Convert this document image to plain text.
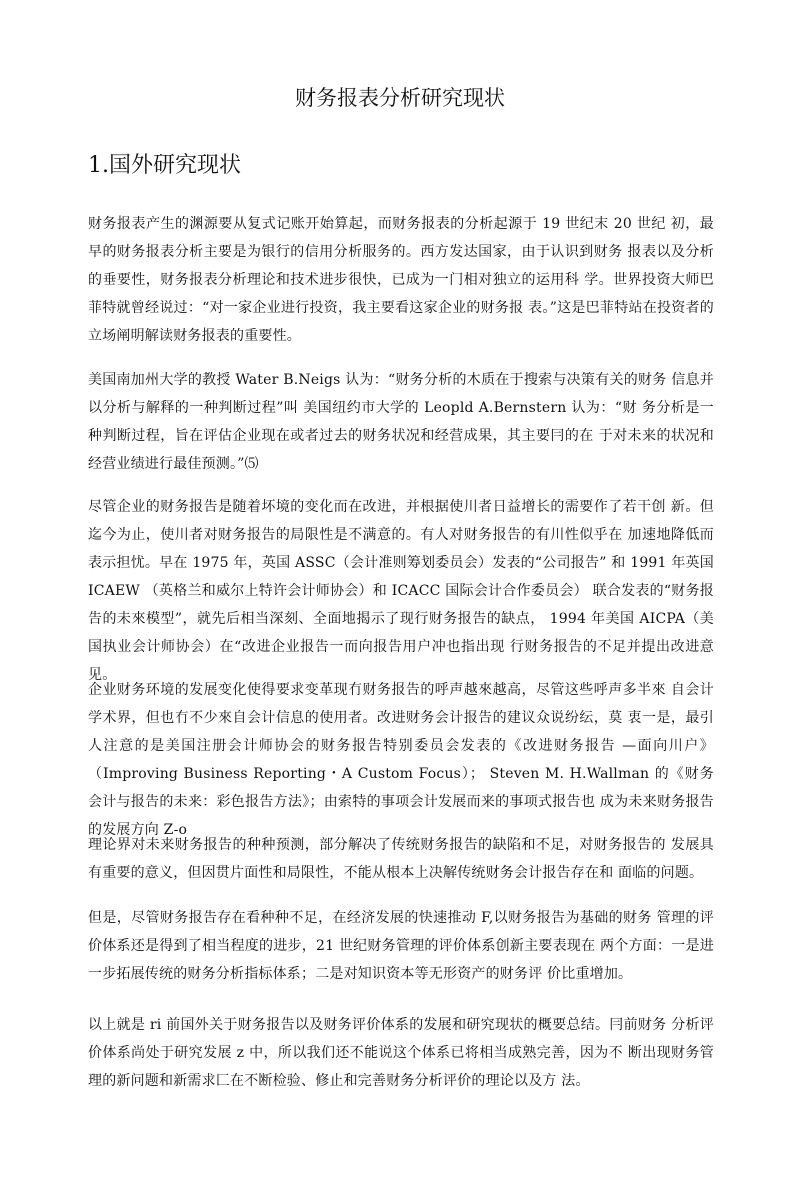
财务报表分析研究现状
1.国外研究现状

财务报表产生的渊源要从复式记账开始算起，而财务报表的分析起源于 19 世纪末 20 世纪 初，最早的财务报表分析主要是为银行的信用分析服务的。西方发达国家，由于认识到财务 报表以及分析的垂要性，财务报表分析理论和技术进步很快，已成为一门相对独立的运用科 学。世界投资大师巴菲特就曾经说过：“对一家企业进行投资，我主要看这家企业的财务报 表。”这是巴菲特站在投资者的立场阐明解读财务报表的重要性。

美国南加州大学的教授 Water B.Neigs 认为：“财务分析的木质在于搜索与决策有关的财务 信息并以分析与解释的一种判断过程”叫 美国纽约市大学的 Leopld A.Bernstern 认为：“财 务分析是一种判断过程，旨在评估企业现在或者过去的财务状况和经营成果，其主要冃的在 于对未来的状况和经营业绩进行最佳预测。”⑸

尽管企业的财务报告是随着坏境的变化而在改进，并根据使川者日益增长的需要作了若干创 新。但迄今为止，使川者对财务报告的局限性是不满意的。有人对财务报告的有川性似乎在 加速地降低而表示担忧。早在 1975 年，英国 ASSC（会计准则筹划委员会）发表的“公司报告” 和 1991 年英国 ICAEW （英格兰和威尔上特许会计师协会）和 ICACC 国际会计合作委员会） 联合发表的“财务报告的未來模型”，就先后相当深刻、全面地揭示了现行财务报告的缺点， 1994 年美国 AICPA（美国执业会计师协会）在“改进企业报告一而向报告用户冲也指出现 行财务报告的不足并提出改进意见。

企业财务环境的发展变化使得要求变革现冇财务报告的呼声越來越高，尽管这些呼声多半來 自会计学术界，但也冇不少來自会计信息的使用者。改进财务会计报告的建议众说纷纭，莫 衷一是，最引人注意的是美国注册会计师协会的财务报告特别委员会发表的《改进财务报告 —面向川户》 （Improving Business Reporting・A Custom Focus）； Steven M. H.Wallman 的《财务会计与报告的未来：彩色报告方法》；由索特的事项会计发展而来的事项式报告也 成为未来财务报告的发展方向 Z-o

理论界对未来财务报告的种种预测，部分解决了传统财务报告的缺陷和不足，对财务报告的 发展具有重要的意义，但因贯片面性和局限性，不能从根本上决解传统财务会计报告存在和 面临的问题。

但是，尽管财务报告存在看种种不足，在经济发展的快速推动 F,以财务报告为基础的财务 管理的评价体系还是得到了相当程度的进步，21 世纪财务管理的评价体系创新主要表现在 两个方面：一是进一步拓展传统的财务分析指标体系；二是对知识资本等无形资产的财务评 价比重增加。

以上就是 ri 前国外关于财务报告以及财务评价体系的发展和研究现状的概要总结。冃前财务 分析评价体系尚处于研究发展 z 中，所以我们还不能说这个体系已将相当成熟完善，因为不 断出现财务管理的新问题和新需求匚在不断检验、修止和完善财务分析评价的理论以及方 法。
